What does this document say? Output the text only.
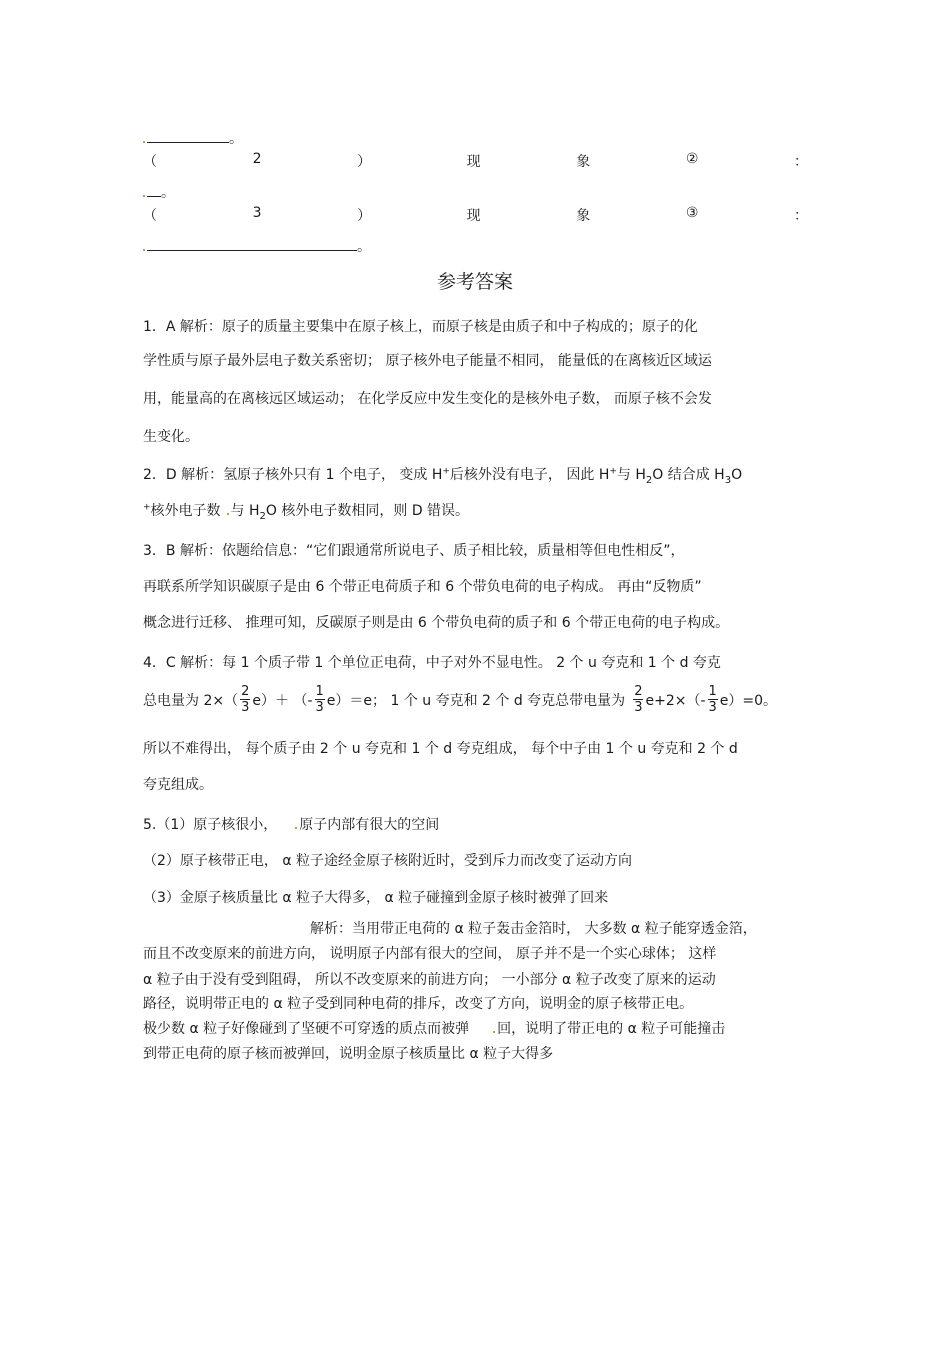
。
（	2	）	现	象	②	：
。
（	3	）	现	象	③	：
。
参考答案
1．A 解析：原子的质量主要集中在原子核上，而原子核是由质子和中子构成的；原子的化
学性质与原子最外层电子数关系密切； 原子核外电子能量不相同， 能量低的在离核近区域运
用，能量高的在离核远区域运动； 在化学反应中发生变化的是核外电子数， 而原子核不会发
生变化。
2．D 解析：氢原子核外只有 1 个电子， 变成 H+后核外没有电子， 因此 H+与 $H_2O$ 结合成 $H_3O$
+核外电子数 与 $H_2O$ 核外电子数相同，则 D 错误。
3．B 解析：依题给信息：“它们跟通常所说电子、质子相比较，质量相等但电性相反”，
再联系所学知识碳原子是由 6 个带正电荷质子和 6 个带负电荷的电子构成。 再由“反物质”
概念进行迁移、 推理可知，反碳原子则是由 6 个带负电荷的质子和 6 个带正电荷的电子构成。
4．C 解析：每 1 个质子带 1 个单位正电荷，中子对外不显电性。 2 个 u 夸克和 1 个 d 夸克
总电量为 $2\times( \frac{2}{3} e)+$ （- $\frac{1}{3} e)=e$； 1 个 u 夸克和 2 个 d 夸克总带电量为 $\frac{2}{3} e+2\times(- \frac{1}{3} e)=0$。
所以不难得出， 每个质子由 2 个 u 夸克和 1 个 d 夸克组成， 每个中子由 1 个 u 夸克和 2 个 d
夸克组成。
5.（1）原子核很小， 原子内部有很大的空间
（2）原子核带正电， α 粒子途经金原子核附近时，受到斥力而改变了运动方向
（3）金原子核质量比 α 粒子大得多， α 粒子碰撞到金原子核时被弹了回来
解析：当用带正电荷的 α 粒子轰击金箔时， 大多数 α 粒子能穿透金箔，
而且不改变原来的前进方向， 说明原子内部有很大的空间， 原子并不是一个实心球体； 这样
α 粒子由于没有受到阻碍， 所以不改变原来的前进方向； 一小部分 α 粒子改变了原来的运动
路径，说明带正电的 α 粒子受到同种电荷的排斥，改变了方向，说明金的原子核带正电。
极少数 α 粒子好像碰到了坚硬不可穿透的质点而被弹 回，说明了带正电的 α 粒子可能撞击
到带正电荷的原子核而被弹回，说明金原子核质量比 α 粒子大得多
